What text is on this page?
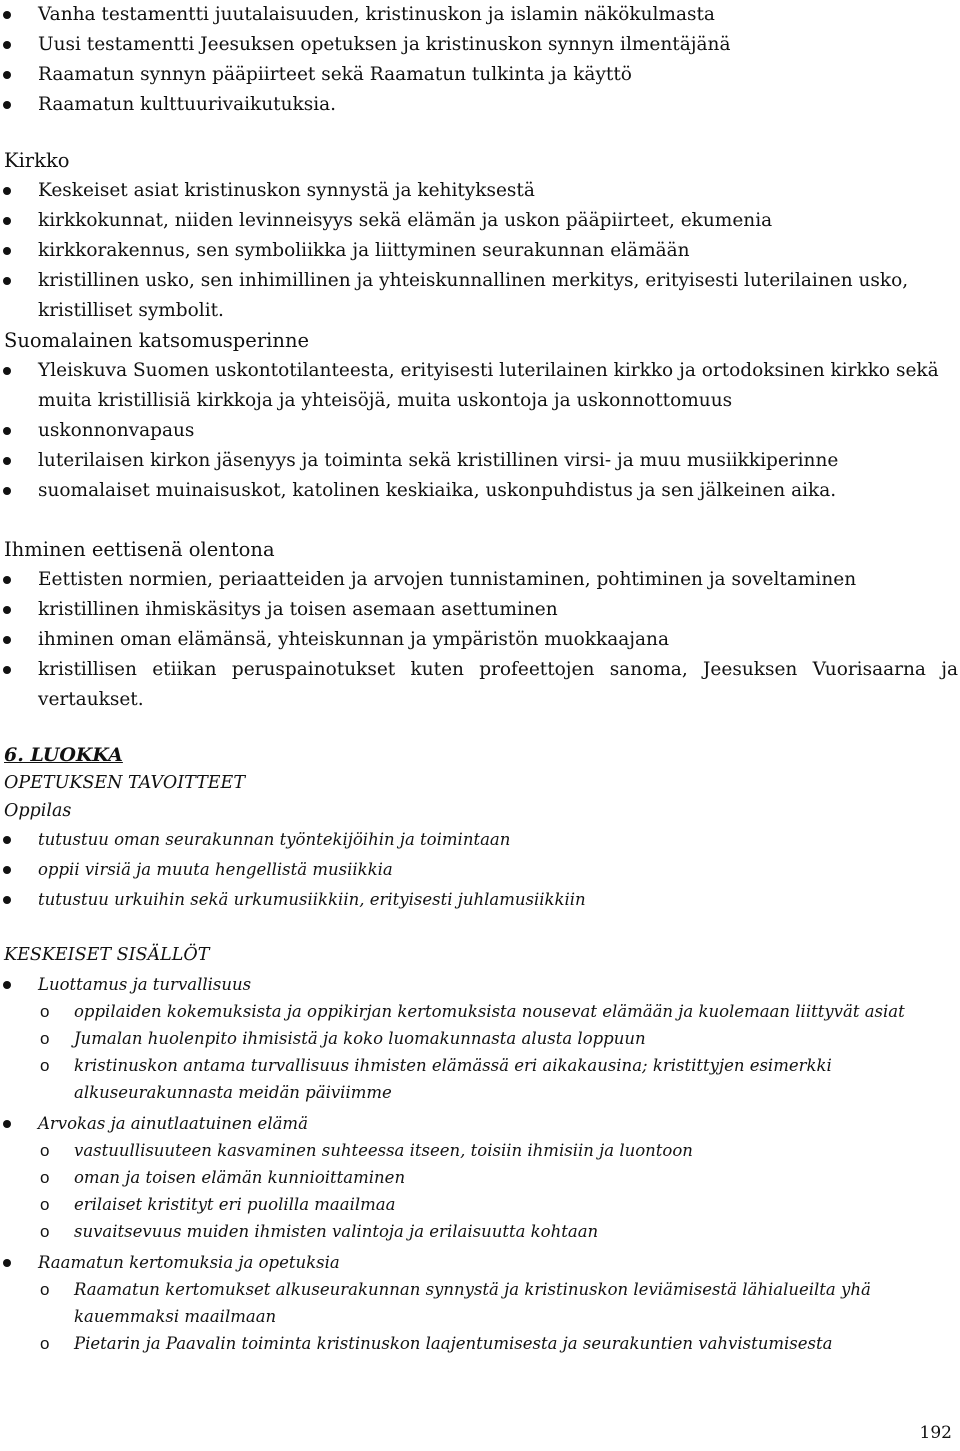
Vanha testamentti juutalaisuuden, kristinuskon ja islamin näkökulmasta
Uusi testamentti Jeesuksen opetuksen ja kristinuskon synnyn ilmentäjänä
Raamatun synnyn pääpiirteet sekä Raamatun tulkinta ja käyttö
Raamatun kulttuurivaikutuksia.
Kirkko
Keskeiset asiat kristinuskon synnystä ja kehityksestä
kirkkokunnat, niiden levinneisyys sekä elämän ja uskon pääpiirteet, ekumenia
kirkkorakennus, sen symboliikka ja liittyminen seurakunnan elämään
kristillinen usko, sen inhimillinen ja yhteiskunnallinen merkitys, erityisesti luterilainen usko, kristilliset symbolit.
Suomalainen katsomusperinne
Yleiskuva Suomen uskontotilanteesta, erityisesti luterilainen kirkko ja ortodoksinen kirkko sekä muita kristillisiä kirkkoja ja yhteisöjä, muita uskontoja ja uskonnottomuus
uskonnonvapaus
luterilaisen kirkon jäsenyys ja toiminta sekä kristillinen virsi- ja muu musiikkiperinne
suomalaiset muinaisuskot, katolinen keskiaika, uskonpuhdistus ja sen jälkeinen aika.
Ihminen eettisenä olentona
Eettisten normien, periaatteiden ja arvojen tunnistaminen, pohtiminen ja soveltaminen
kristillinen ihmiskäsitys ja toisen asemaan asettuminen
ihminen oman elämänsä, yhteiskunnan ja ympäristön muokkaajana
kristillisen etiikan peruspainotukset kuten profeettojen sanoma, Jeesuksen Vuorisaarna ja vertaukset.
6. LUOKKA
OPETUKSEN TAVOITTEET
Oppilas
tutustuu oman seurakunnan työntekijöihin ja toimintaan
oppii virsiä ja muuta hengellistä musiikkia
tutustuu urkuihin sekä urkumusiikkiin, erityisesti juhlamusiikkiin
KESKEISET SISÄLLÖT
Luottamus ja turvallisuus
o oppilaiden kokemuksista ja oppikirjan kertomuksista nousevat elämään ja kuolemaan liittyvät asiat
o Jumalan huolenpito ihmisistä ja koko luomakunnasta alusta loppuun
o kristinuskon antama turvallisuus ihmisten elämässä eri aikakausina; kristittyjen esimerkki alkuseurakunnasta meidän päiviimme
Arvokas ja ainutlaatuinen elämä
o vastuullisuuteen kasvaminen suhteessa itseen, toisiin ihmisiin ja luontoon
o oman ja toisen elämän kunnioittaminen
o erilaiset kristityt eri puolilla maailmaa
o suvaitsevuus muiden ihmisten valintoja ja erilaisuutta kohtaan
Raamatun kertomuksia ja opetuksia
o Raamatun kertomukset alkuseurakunnan synnystä ja kristinuskon leviämisestä lähialueilta yhä kauemmaksi maailmaan
o Pietarin ja Paavalin toiminta kristinuskon laajentumisesta ja seurakuntien vahvistumisesta
192
